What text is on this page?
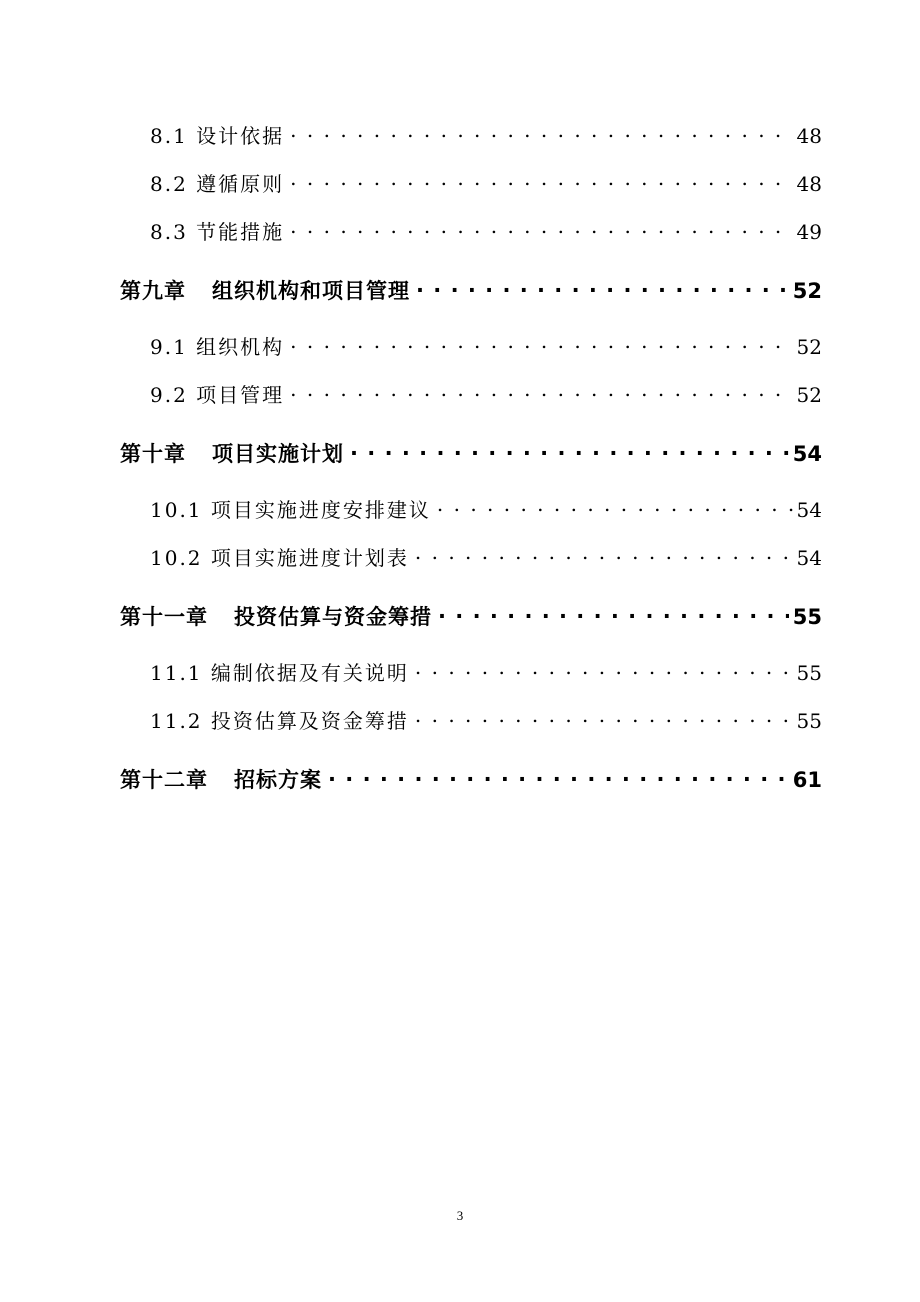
8.1 设计依据 . . .	48
8.2 遵循原则 . . .	48
8.3 节能措施 . . .	49
第九章 组织机构和项目管理 . . .	52
9.1 组织机构 . . .	52
9.2 项目管理 . . .	52
第十章 项目实施计划 . . .	54
10.1 项目实施进度安排建议 . . .	54
10.2 项目实施进度计划表 . . .	54
第十一章 投资估算与资金筹措 . . .	55
11.1 编制依据及有关说明 . . .	55
11.2 投资估算及资金筹措 . . .	55
第十二章 招标方案 . . .	61
3
